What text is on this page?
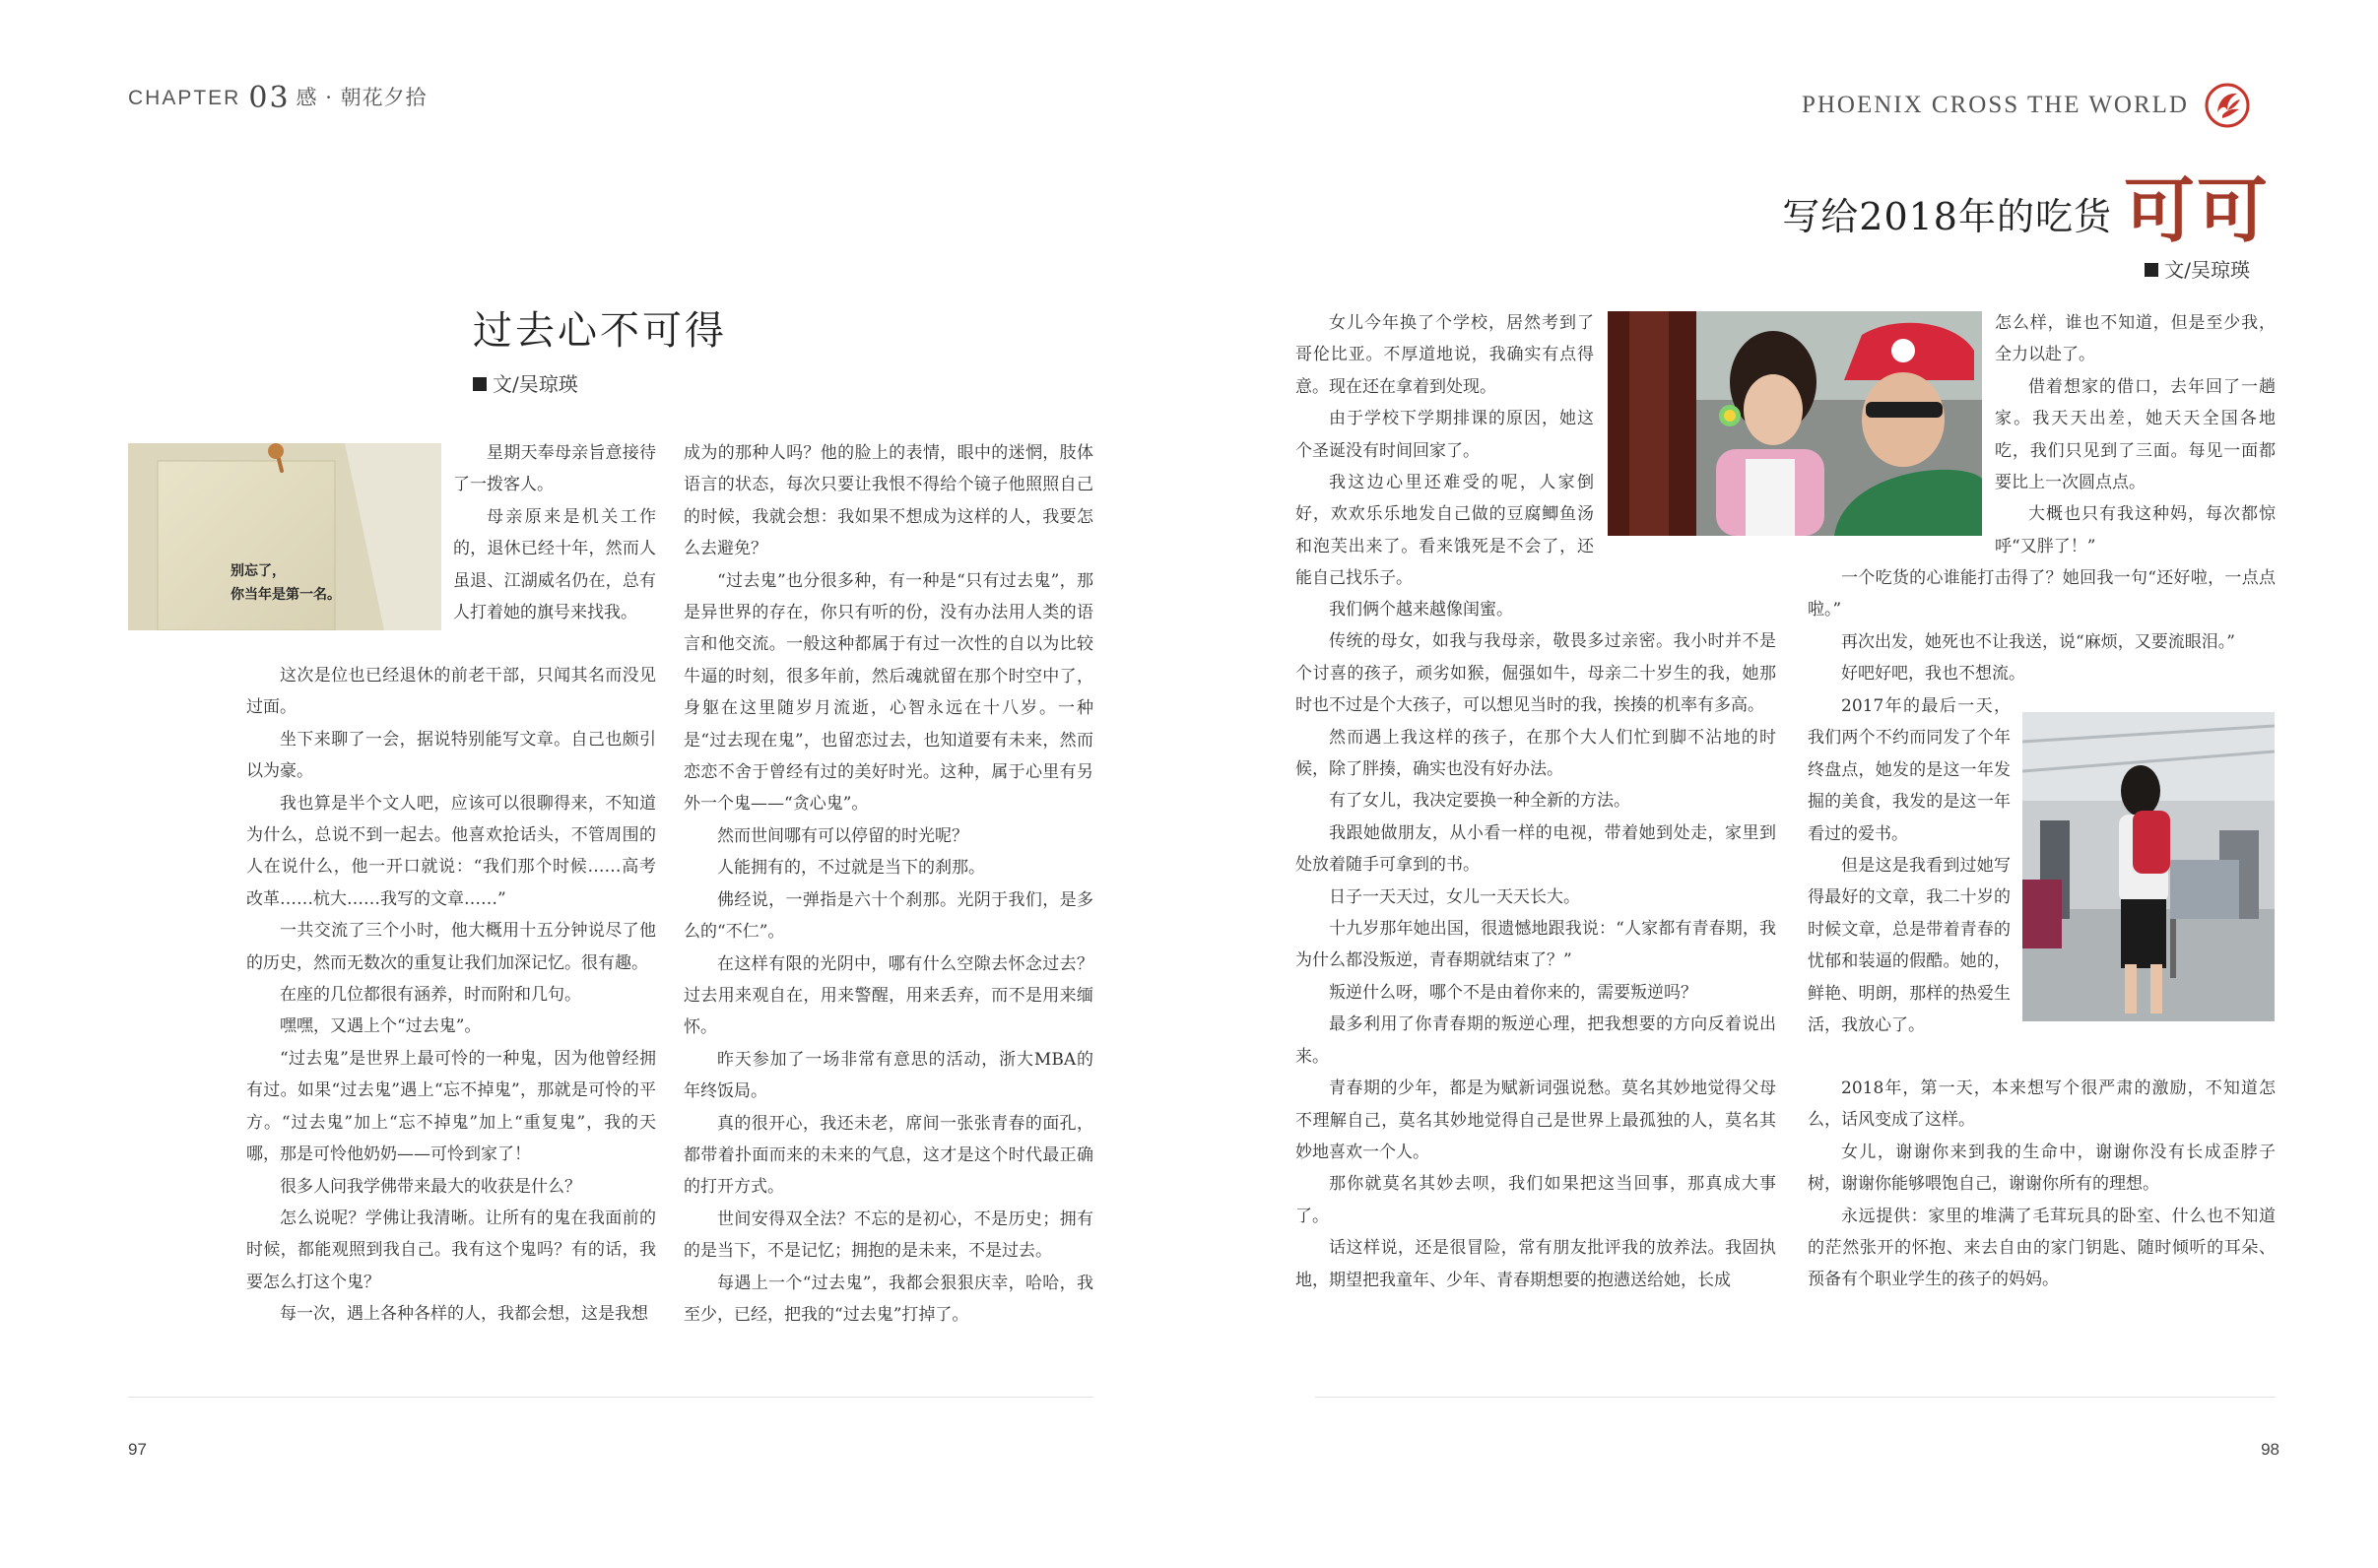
CHAPTER 03 感 · 朝花夕拾	PHOENIX CROSS THE WORLD
过去心不可得
文/吴琼瑛
别忘了，
你当年是第一名。

星期天奉母亲旨意接待了一拨客人。

母亲原来是机关工作的，退休已经十年，然而人虽退、江湖威名仍在，总有人打着她的旗号来找我。

这次是位也已经退休的前老干部，只闻其名而没见过面。

坐下来聊了一会，据说特别能写文章。自己也颇引以为豪。

我也算是半个文人吧，应该可以很聊得来，不知道为什么，总说不到一起去。他喜欢抢话头，不管周围的人在说什么，他一开口就说：“我们那个时候……高考改革……杭大……我写的文章……”

一共交流了三个小时，他大概用十五分钟说尽了他的历史，然而无数次的重复让我们加深记忆。很有趣。

在座的几位都很有涵养，时而附和几句。

嘿嘿，又遇上个“过去鬼”。

“过去鬼”是世界上最可怜的一种鬼，因为他曾经拥有过。如果“过去鬼”遇上“忘不掉鬼”，那就是可怜的平方。“过去鬼”加上“忘不掉鬼”加上“重复鬼”，我的天哪，那是可怜他奶奶——可怜到家了！

很多人问我学佛带来最大的收获是什么？

怎么说呢？学佛让我清晰。让所有的鬼在我面前的时候，都能观照到我自己。我有这个鬼吗？有的话，我要怎么打这个鬼？

每一次，遇上各种各样的人，我都会想，这是我想

成为的那种人吗？他的脸上的表情，眼中的迷惘，肢体语言的状态，每次只要让我恨不得给个镜子他照照自己的时候，我就会想：我如果不想成为这样的人，我要怎么去避免？

“过去鬼”也分很多种，有一种是“只有过去鬼”，那是异世界的存在，你只有听的份，没有办法用人类的语言和他交流。一般这种都属于有过一次性的自以为比较牛逼的时刻，很多年前，然后魂就留在那个时空中了，身躯在这里随岁月流逝，心智永远在十八岁。一种是“过去现在鬼”，也留恋过去，也知道要有未来，然而恋恋不舍于曾经有过的美好时光。这种，属于心里有另外一个鬼——“贪心鬼”。

然而世间哪有可以停留的时光呢？

人能拥有的，不过就是当下的刹那。

佛经说，一弹指是六十个刹那。光阴于我们，是多么的“不仁”。

在这样有限的光阴中，哪有什么空隙去怀念过去？过去用来观自在，用来警醒，用来丢弃，而不是用来缅怀。

昨天参加了一场非常有意思的活动，浙大MBA的年终饭局。

真的很开心，我还未老，席间一张张青春的面孔，都带着扑面而来的未来的气息，这才是这个时代最正确的打开方式。

世间安得双全法？不忘的是初心，不是历史；拥有的是当下，不是记忆；拥抱的是未来，不是过去。

每遇上一个“过去鬼”，我都会狠狠庆幸，哈哈，我至少，已经，把我的“过去鬼”打掉了。

写给2018年的吃货 可可
文/吴琼瑛

女儿今年换了个学校，居然考到了哥伦比亚。不厚道地说，我确实有点得意。现在还在拿着到处现。

由于学校下学期排课的原因，她这个圣诞没有时间回家了。

我这边心里还难受的呢，人家倒好，欢欢乐乐地发自己做的豆腐鲫鱼汤和泡芙出来了。看来饿死是不会了，还能自己找乐子。

我们俩个越来越像闺蜜。

传统的母女，如我与我母亲，敬畏多过亲密。我小时并不是个讨喜的孩子，顽劣如猴，倔强如牛，母亲二十岁生的我，她那时也不过是个大孩子，可以想见当时的我，挨揍的机率有多高。

然而遇上我这样的孩子，在那个大人们忙到脚不沾地的时候，除了胖揍，确实也没有好办法。

有了女儿，我决定要换一种全新的方法。

我跟她做朋友，从小看一样的电视，带着她到处走，家里到处放着随手可拿到的书。

日子一天天过，女儿一天天长大。

十九岁那年她出国，很遗憾地跟我说：“人家都有青春期，我为什么都没叛逆，青春期就结束了？”

叛逆什么呀，哪个不是由着你来的，需要叛逆吗？

最多利用了你青春期的叛逆心理，把我想要的方向反着说出来。

青春期的少年，都是为赋新词强说愁。莫名其妙地觉得父母不理解自己，莫名其妙地觉得自己是世界上最孤独的人，莫名其妙地喜欢一个人。

那你就莫名其妙去呗，我们如果把这当回事，那真成大事了。

话这样说，还是很冒险，常有朋友批评我的放养法。我固执地，期望把我童年、少年、青春期想要的抱懑送给她，长成

怎么样，谁也不知道，但是至少我，全力以赴了。

借着想家的借口，去年回了一趟家。我天天出差，她天天全国各地吃，我们只见到了三面。每见一面都要比上一次圆点点。

大概也只有我这种妈，每次都惊呼“又胖了！”

一个吃货的心谁能打击得了？她回我一句“还好啦，一点点啦。”

再次出发，她死也不让我送，说“麻烦，又要流眼泪。”

好吧好吧，我也不想流。

2017年的最后一天，我们两个不约而同发了个年终盘点，她发的是这一年发掘的美食，我发的是这一年看过的爱书。

但是这是我看到过她写得最好的文章，我二十岁的时候文章，总是带着青春的忧郁和装逼的假酷。她的，鲜艳、明朗，那样的热爱生活，我放心了。

2018年，第一天，本来想写个很严肃的激励，不知道怎么，话风变成了这样。

女儿，谢谢你来到我的生命中，谢谢你没有长成歪脖子树，谢谢你能够喂饱自己，谢谢你所有的理想。

永远提供：家里的堆满了毛茸玩具的卧室、什么也不知道的茫然张开的怀抱、来去自由的家门钥匙、随时倾听的耳朵、预备有个职业学生的孩子的妈妈。

97	98
